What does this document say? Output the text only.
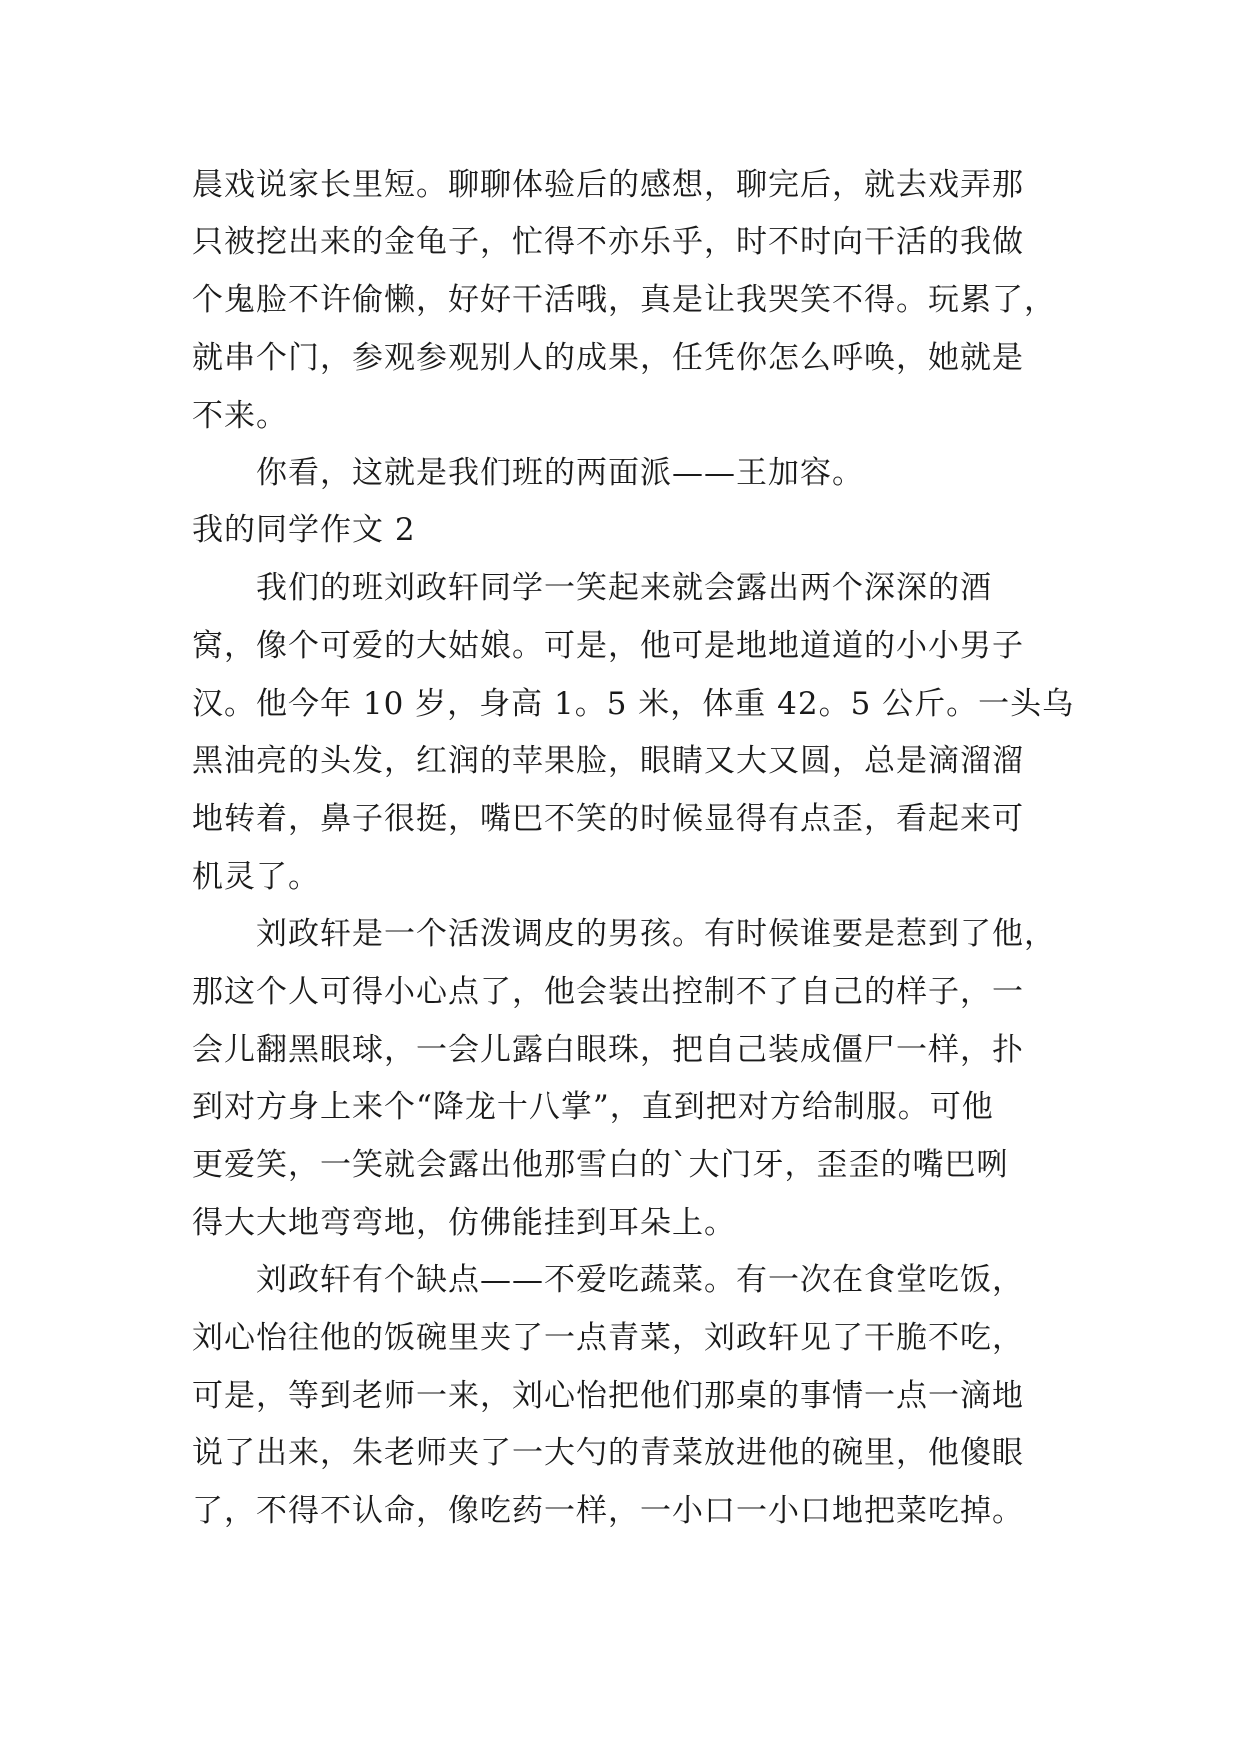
晨戏说家长里短。聊聊体验后的感想，聊完后，就去戏弄那
只被挖出来的金龟子，忙得不亦乐乎，时不时向干活的我做
个鬼脸不许偷懒，好好干活哦，真是让我哭笑不得。玩累了，
就串个门，参观参观别人的成果，任凭你怎么呼唤，她就是
不来。
你看，这就是我们班的两面派——王加容。
我的同学作文 2
我们的班刘政轩同学一笑起来就会露出两个深深的酒
窝，像个可爱的大姑娘。可是，他可是地地道道的小小男子
汉。他今年 10 岁，身高 1。5 米，体重 42。5 公斤。一头乌
黑油亮的头发，红润的苹果脸，眼睛又大又圆，总是滴溜溜
地转着，鼻子很挺，嘴巴不笑的时候显得有点歪，看起来可
机灵了。
刘政轩是一个活泼调皮的男孩。有时候谁要是惹到了他，
那这个人可得小心点了，他会装出控制不了自己的样子，一
会儿翻黑眼球，一会儿露白眼珠，把自己装成僵尸一样，扑
到对方身上来个“降龙十八掌”，直到把对方给制服。可他
更爱笑，一笑就会露出他那雪白的`大门牙，歪歪的嘴巴咧
得大大地弯弯地，仿佛能挂到耳朵上。
刘政轩有个缺点——不爱吃蔬菜。有一次在食堂吃饭，
刘心怡往他的饭碗里夹了一点青菜，刘政轩见了干脆不吃，
可是，等到老师一来，刘心怡把他们那桌的事情一点一滴地
说了出来，朱老师夹了一大勺的青菜放进他的碗里，他傻眼
了，不得不认命，像吃药一样，一小口一小口地把菜吃掉。
